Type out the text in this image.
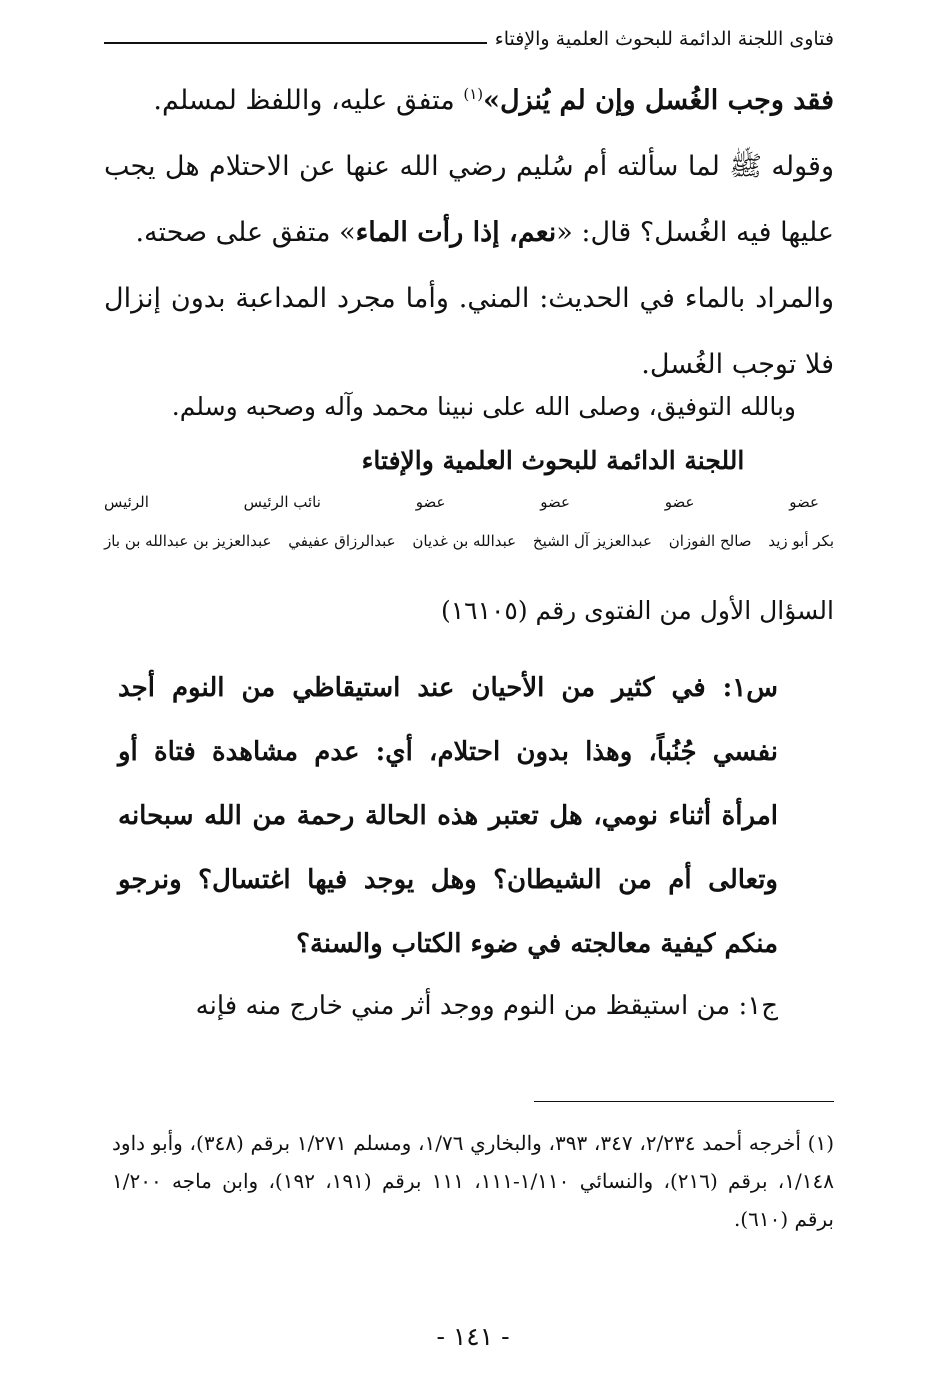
فتاوى اللجنة الدائمة للبحوث العلمية والإفتاء

فقد وجب الغُسل وإن لم يُنزل»$^{(١)}$ متفق عليه، واللفظ لمسلم.

وقوله ﷺ لما سألته أم سُليم رضي الله عنها عن الاحتلام هل يجب عليها فيه الغُسل؟ قال: «نعم، إذا رأت الماء» متفق على صحته.

والمراد بالماء في الحديث: المني. وأما مجرد المداعبة بدون إنزال فلا توجب الغُسل.

وبالله التوفيق، وصلى الله على نبينا محمد وآله وصحبه وسلم.
اللجنة الدائمة للبحوث العلمية والإفتاء
عضو
عضو
عضو
عضو
نائب الرئيس
الرئيس
بكر أبو زيد
صالح الفوزان
عبدالعزيز آل الشيخ
عبدالله بن غديان
عبدالرزاق عفيفي
عبدالعزيز بن عبدالله بن باز
السؤال الأول من الفتوى رقم (١٦١٠٥)

س١: في كثير من الأحيان عند استيقاظي من النوم أجد نفسي جُنُباً، وهذا بدون احتلام، أي: عدم مشاهدة فتاة أو امرأة أثناء نومي، هل تعتبر هذه الحالة رحمة من الله سبحانه وتعالى أم من الشيطان؟ وهل يوجد فيها اغتسال؟ ونرجو منكم كيفية معالجته في ضوء الكتاب والسنة؟

ج١: من استيقظ من النوم ووجد أثر مني خارج منه فإنه

(١) أخرجه أحمد ٢/٢٣٤، ٣٤٧، ٣٩٣، والبخاري ١/٧٦، ومسلم ١/٢٧١ برقم (٣٤٨)، وأبو داود ١/١٤٨، برقم (٢١٦)، والنسائي ١/١١٠-١١١، ١١١ برقم (١٩١، ١٩٢)، وابن ماجه ١/٢٠٠ برقم (٦١٠).

- ١٤١ -
